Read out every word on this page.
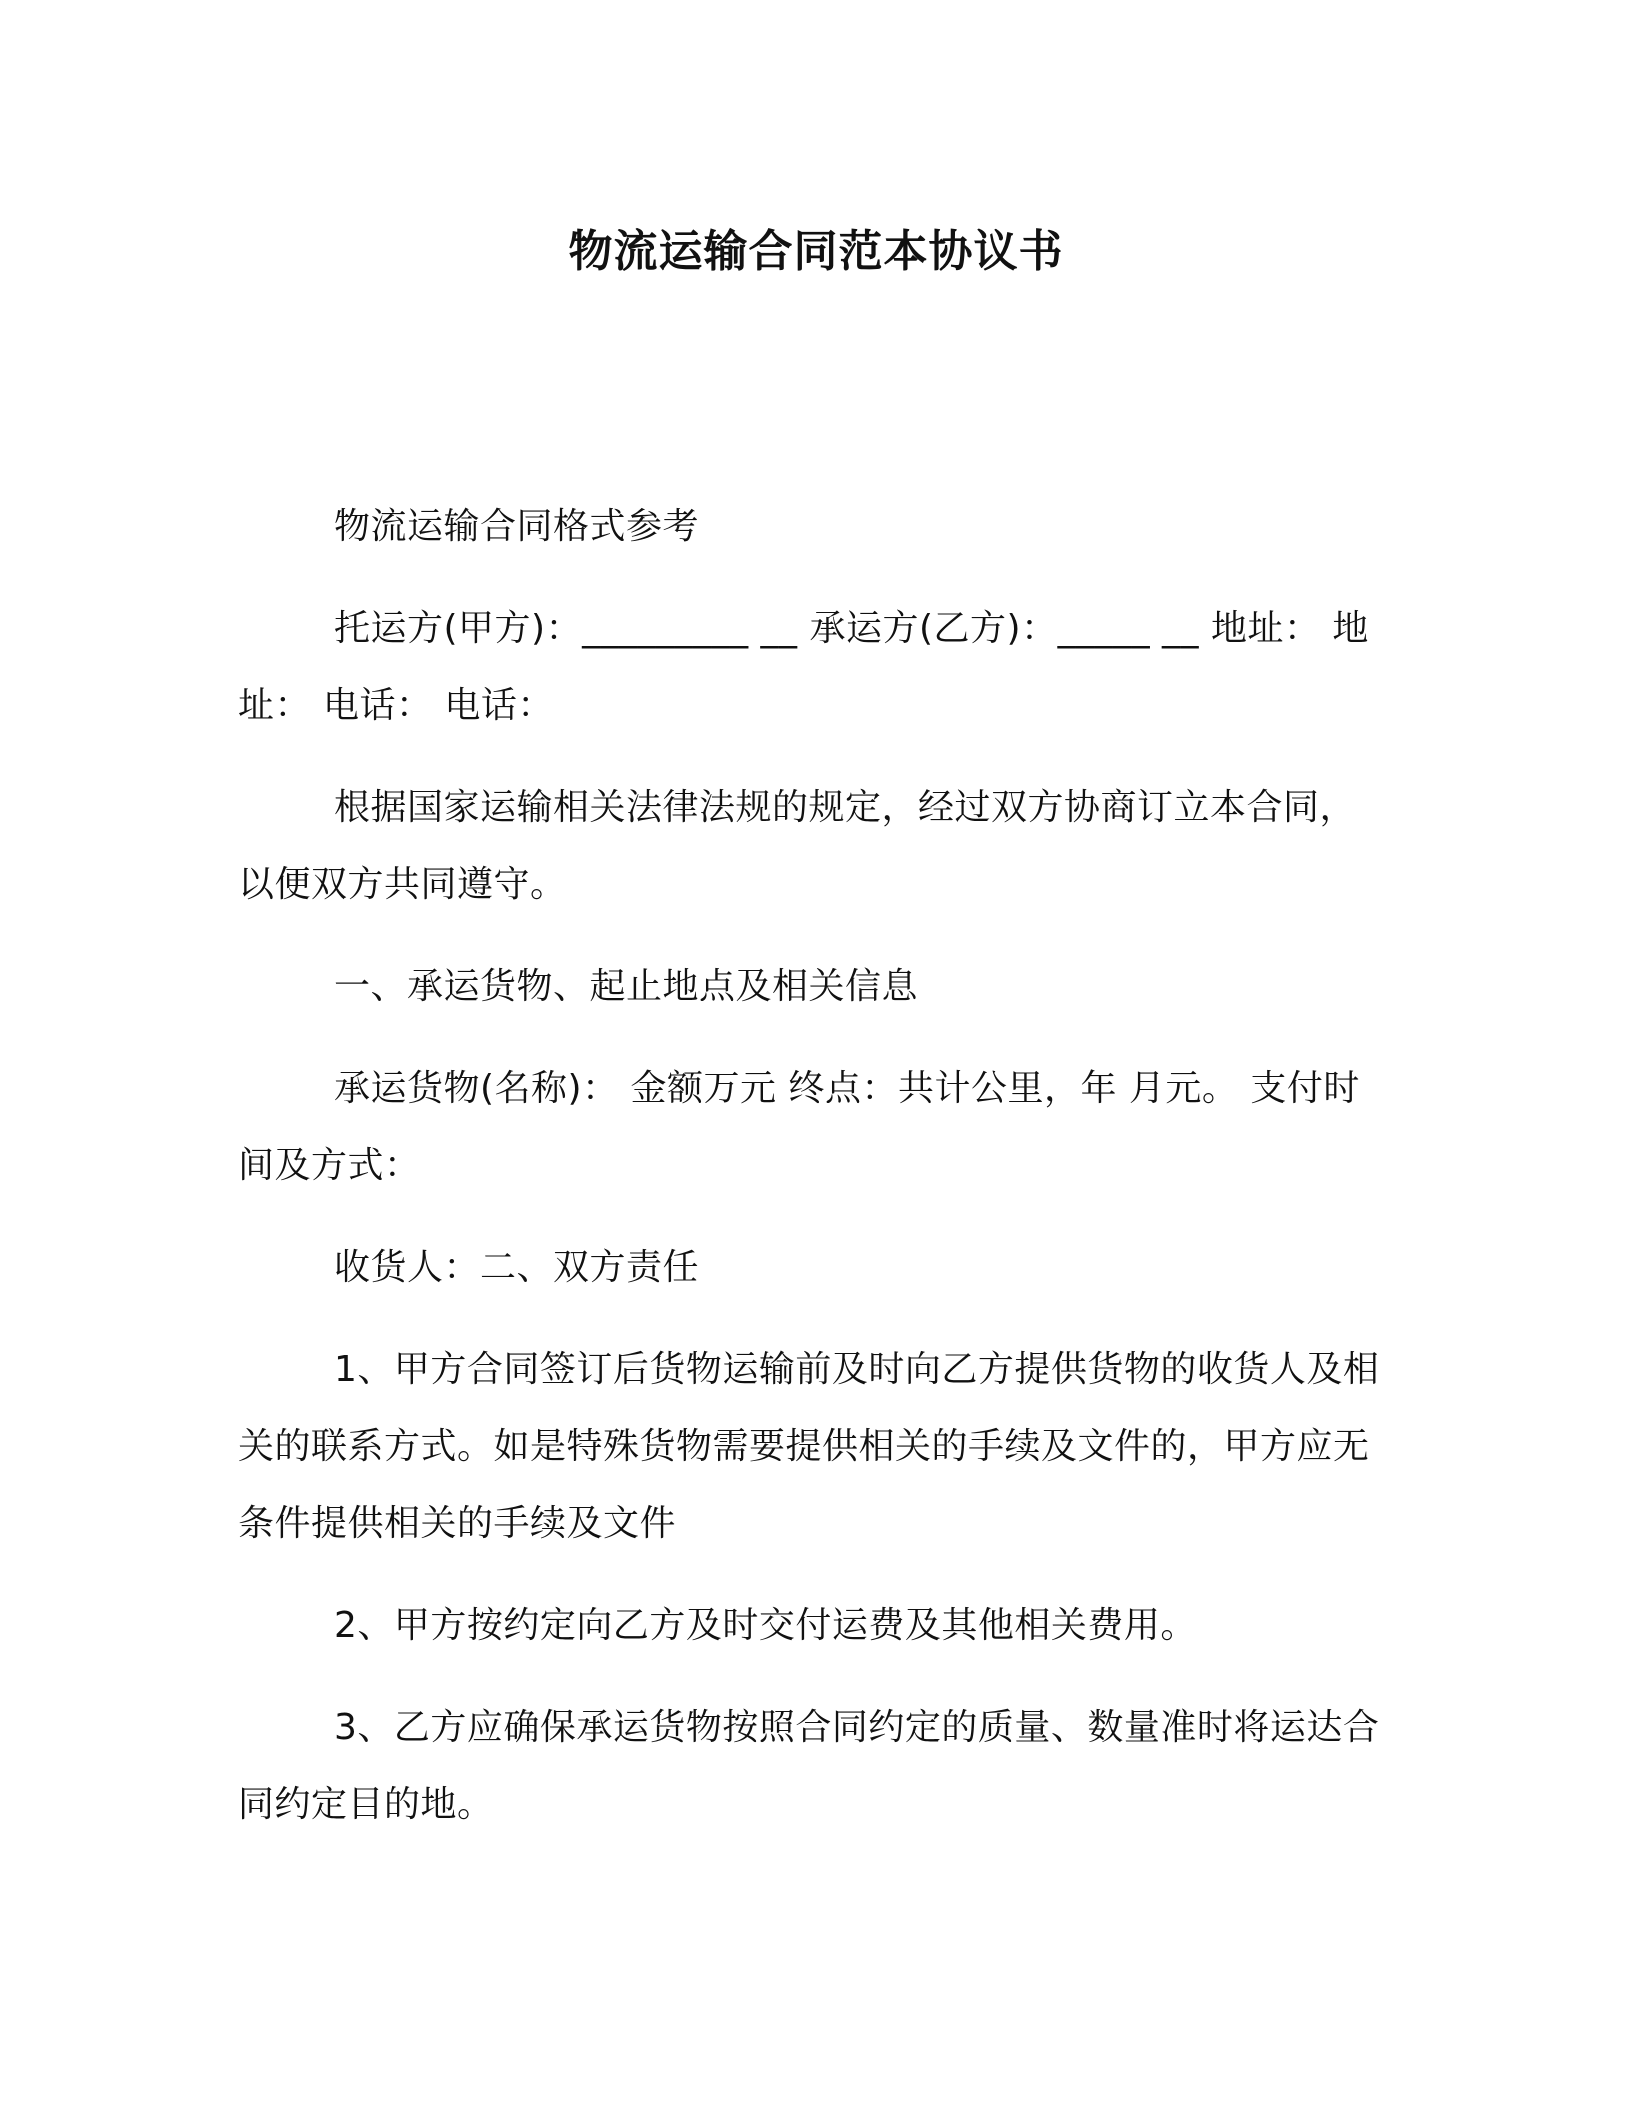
物流运输合同范本协议书

物流运输合同格式参考

托运方(甲方)：_________ __ 承运方(乙方)：_____ __ 地址： 地址： 电话： 电话：

根据国家运输相关法律法规的规定，经过双方协商订立本合同，以便双方共同遵守。

一、承运货物、起止地点及相关信息

承运货物(名称)： 金额万元 终点：共计公里，年 月元。 支付时间及方式：

收货人：二、双方责任

1、甲方合同签订后货物运输前及时向乙方提供货物的收货人及相关的联系方式。如是特殊货物需要提供相关的手续及文件的，甲方应无条件提供相关的手续及文件

2、甲方按约定向乙方及时交付运费及其他相关费用。

3、乙方应确保承运货物按照合同约定的质量、数量准时将运达合同约定目的地。
